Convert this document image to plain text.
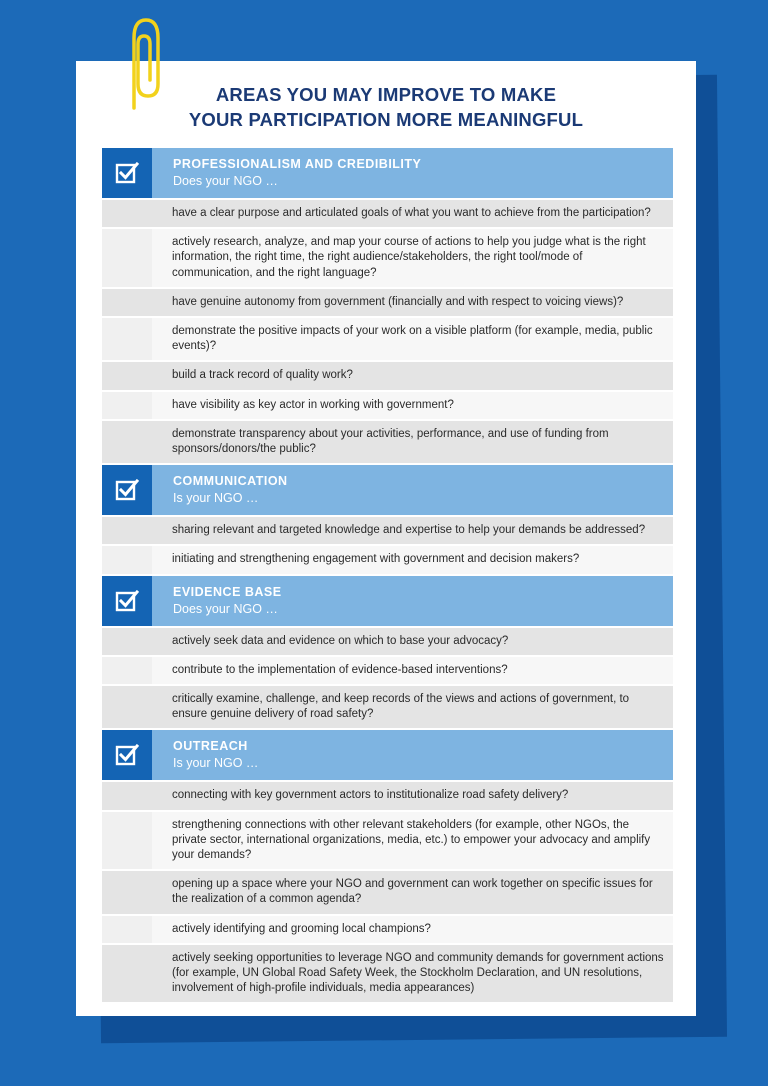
AREAS YOU MAY IMPROVE TO MAKE
YOUR PARTICIPATION MORE MEANINGFUL
PROFESSIONALISM AND CREDIBILITY
Does your NGO …
have a clear purpose and articulated goals of what you want to achieve from the participation?
actively research, analyze, and map your course of actions to help you judge what is the right information, the right time, the right audience/stakeholders, the right tool/mode of communication, and the right language?
have genuine autonomy from government (financially and with respect to voicing views)?
demonstrate the positive impacts of your work on a visible platform (for example, media, public events)?
build a track record of quality work?
have visibility as key actor in working with government?
demonstrate transparency about your activities, performance, and use of funding from sponsors/donors/the public?
COMMUNICATION
Is your NGO …
sharing relevant and targeted knowledge and expertise to help your demands be addressed?
initiating and strengthening engagement with government and decision makers?
EVIDENCE BASE
Does your NGO …
actively seek data and evidence on which to base your advocacy?
contribute to the implementation of evidence-based interventions?
critically examine, challenge, and keep records of the views and actions of government, to ensure genuine delivery of road safety?
OUTREACH
Is your NGO …
connecting with key government actors to institutionalize road safety delivery?
strengthening connections with other relevant stakeholders (for example, other NGOs, the private sector, international organizations, media, etc.) to empower your advocacy and amplify your demands?
opening up a space where your NGO and government can work together on specific issues for the realization of a common agenda?
actively identifying and grooming local champions?
actively seeking opportunities to leverage NGO and community demands for government actions (for example, UN Global Road Safety Week, the Stockholm Declaration, and UN resolutions, involvement of high-profile individuals, media appearances)
